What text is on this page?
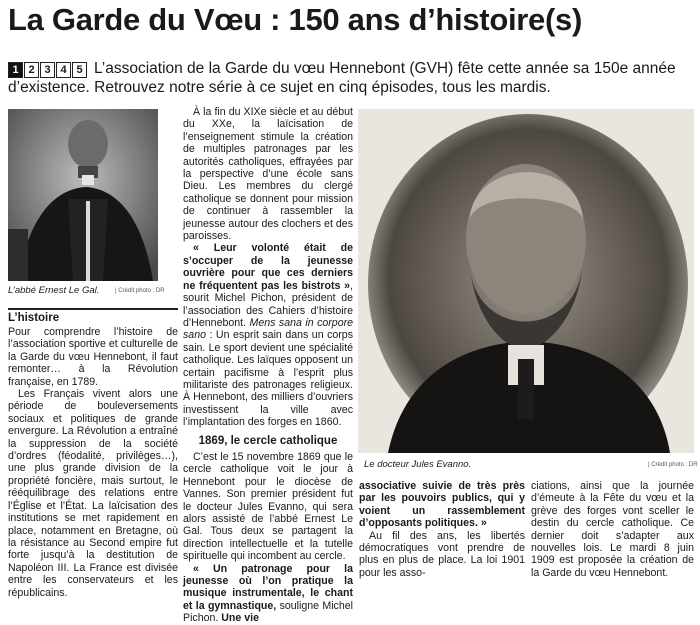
La Garde du Vœu : 150 ans d’histoire(s)
L’association de la Garde du vœu Hennebont (GVH) fête cette année sa 150e année d’existence. Retrouvez notre série à ce sujet en cinq épisodes, tous les mardis.
1 2 3 4 5
L’abbé Ernest Le Gal.	| Crédit photo : DR
Le docteur Jules Evanno.	| Crédit photo : DR
L’histoire

Pour comprendre l’histoire de l’association sportive et culturelle de la Garde du vœu Hennebont, il faut remonter… à la Révolution française, en 1789.

Les Français vivent alors une période de bouleversements sociaux et politiques de grande envergure. La Révolution a entraîné la suppression de la société d’ordres (féodalité, privilèges…), une plus grande division de la propriété foncière, mais surtout, le rééquilibrage des relations entre l’Église et l’État. La laïcisation des institutions se met rapidement en place, notamment en Bretagne, où la résistance au Second empire fut forte jusqu’à la destitution de Napoléon III. La France est divisée entre les conservateurs et les républicains.

À la fin du XIXe siècle et au début du XXe, la laïcisation de l’enseignement stimule la création de multiples patronages par les autorités catholiques, effrayées par la perspective d’une école sans Dieu. Les membres du clergé catholique se donnent pour mission de continuer à rassembler la jeunesse autour des clochers et des paroisses.

« Leur volonté était de s’occuper de la jeunesse ouvrière pour que ces derniers ne fréquentent pas les bistrots », sourit Michel Pichon, président de l’association des Cahiers d’histoire d’Hennebont. Mens sana in corpore sano : Un esprit sain dans un corps sain. Le sport devient une spécialité catholique. Les laïques opposent un certain pacifisme à l’esprit plus militariste des patronages religieux. À Hennebont, des milliers d’ouvriers investissent la ville avec l’implantation des forges en 1860.

1869, le cercle catholique

C’est le 15 novembre 1869 que le cercle catholique voit le jour à Hennebont pour le diocèse de Vannes. Son premier président fut le docteur Jules Evanno, qui sera alors assisté de l’abbé Ernest Le Gal. Tous deux se partagent la direction intellectuelle et la tutelle spirituelle qui incombent au cercle.

« Un patronage pour la jeunesse où l’on pratique la musique instrumentale, le chant et la gymnastique, souligne Michel Pichon. Une vie

associative suivie de très près par les pouvoirs publics, qui y voient un rassemblement d’opposants politiques. »

Au fil des ans, les libertés démocratiques vont prendre de plus en plus de place. La loi 1901 pour les asso-

ciations, ainsi que la journée d’émeute à la Fête du vœu et la grève des forges vont sceller le destin du cercle catholique. Ce dernier doit s’adapter aux nouvelles lois. Le mardi 8 juin 1909 est proposée la création de la Garde du vœu Hennebont.
